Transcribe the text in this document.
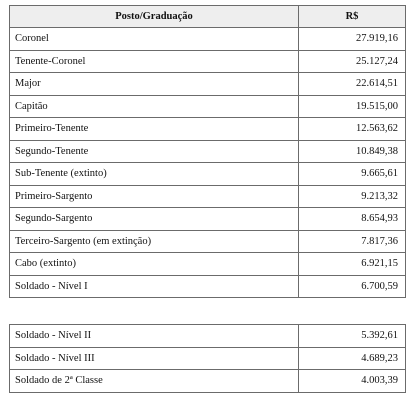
Posto/Graduação	R$
Coronel	27.919,16
Tenente-Coronel	25.127,24
Major	22.614,51
Capitão	19.515,00
Primeiro-Tenente	12.563,62
Segundo-Tenente	10.849,38
Sub-Tenente (extinto)	9.665,61
Primeiro-Sargento	9.213,32
Segundo-Sargento	8.654,93
Terceiro-Sargento (em extinção)	7.817,36
Cabo (extinto)	6.921,15
Soldado - Nível I	6.700,59
Soldado - Nível II	5.392,61
Soldado - Nível III	4.689,23
Soldado de 2ª Classe	4.003,39
